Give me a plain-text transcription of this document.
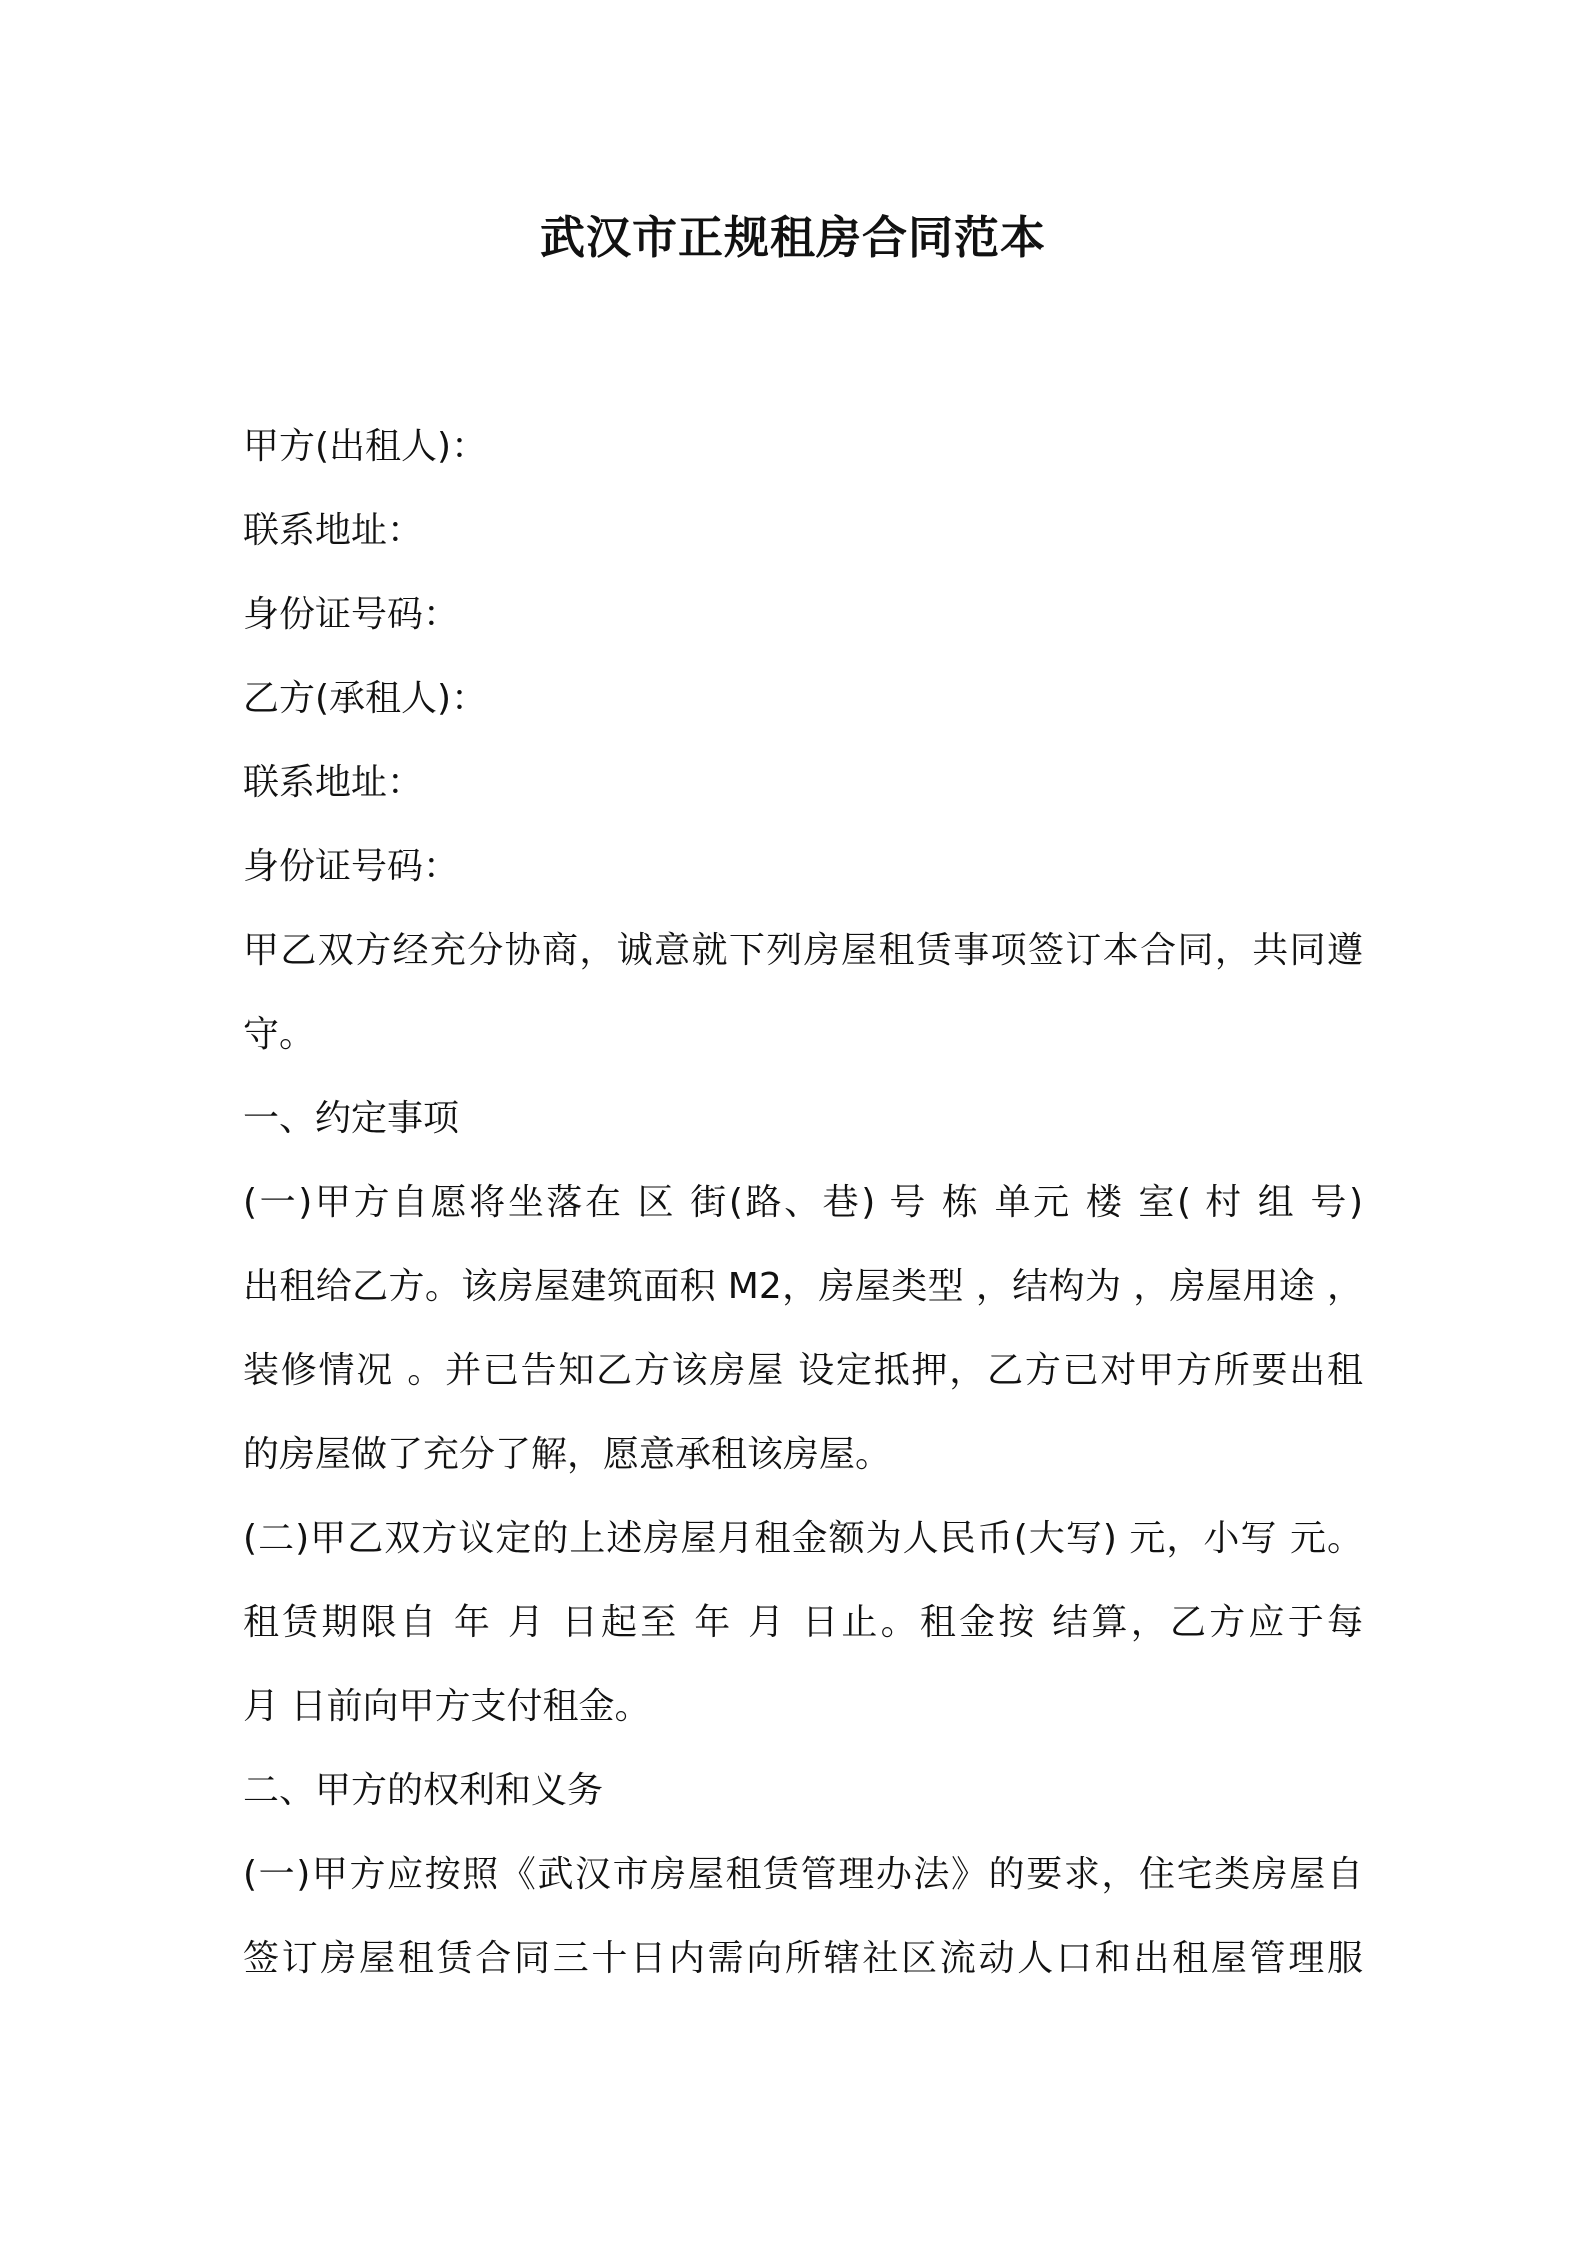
武汉市正规租房合同范本

甲方(出租人)：

联系地址：

身份证号码：

乙方(承租人)：

联系地址：

身份证号码：

甲乙双方经充分协商，诚意就下列房屋租赁事项签订本合同，共同遵

守。

一、约定事项

(一)甲方自愿将坐落在 区 街(路、巷) 号 栋 单元 楼 室( 村 组 号)

出租给乙方。该房屋建筑面积 M2，房屋类型 ，结构为 ，房屋用途 ，

装修情况 。并已告知乙方该房屋 设定抵押，乙方已对甲方所要出租

的房屋做了充分了解，愿意承租该房屋。

(二)甲乙双方议定的上述房屋月租金额为人民币(大写) 元，小写 元。

租赁期限自 年 月 日起至 年 月 日止。租金按 结算，乙方应于每

月 日前向甲方支付租金。

二、甲方的权利和义务

(一)甲方应按照《武汉市房屋租赁管理办法》的要求，住宅类房屋自

签订房屋租赁合同三十日内需向所辖社区流动人口和出租屋管理服
